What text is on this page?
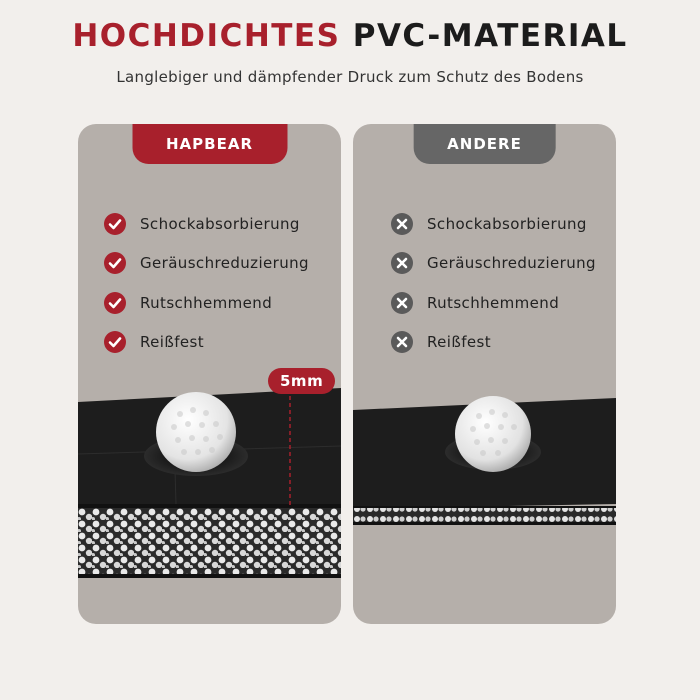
HOCHDICHTES PVC-MATERIAL
Langlebiger und dämpfender Druck zum Schutz des Bodens
HAPBEAR
Schockabsorbierung
Geräuschreduzierung
Rutschhemmend
Reißfest
5mm
ANDERE
Schockabsorbierung
Geräuschreduzierung
Rutschhemmend
Reißfest
